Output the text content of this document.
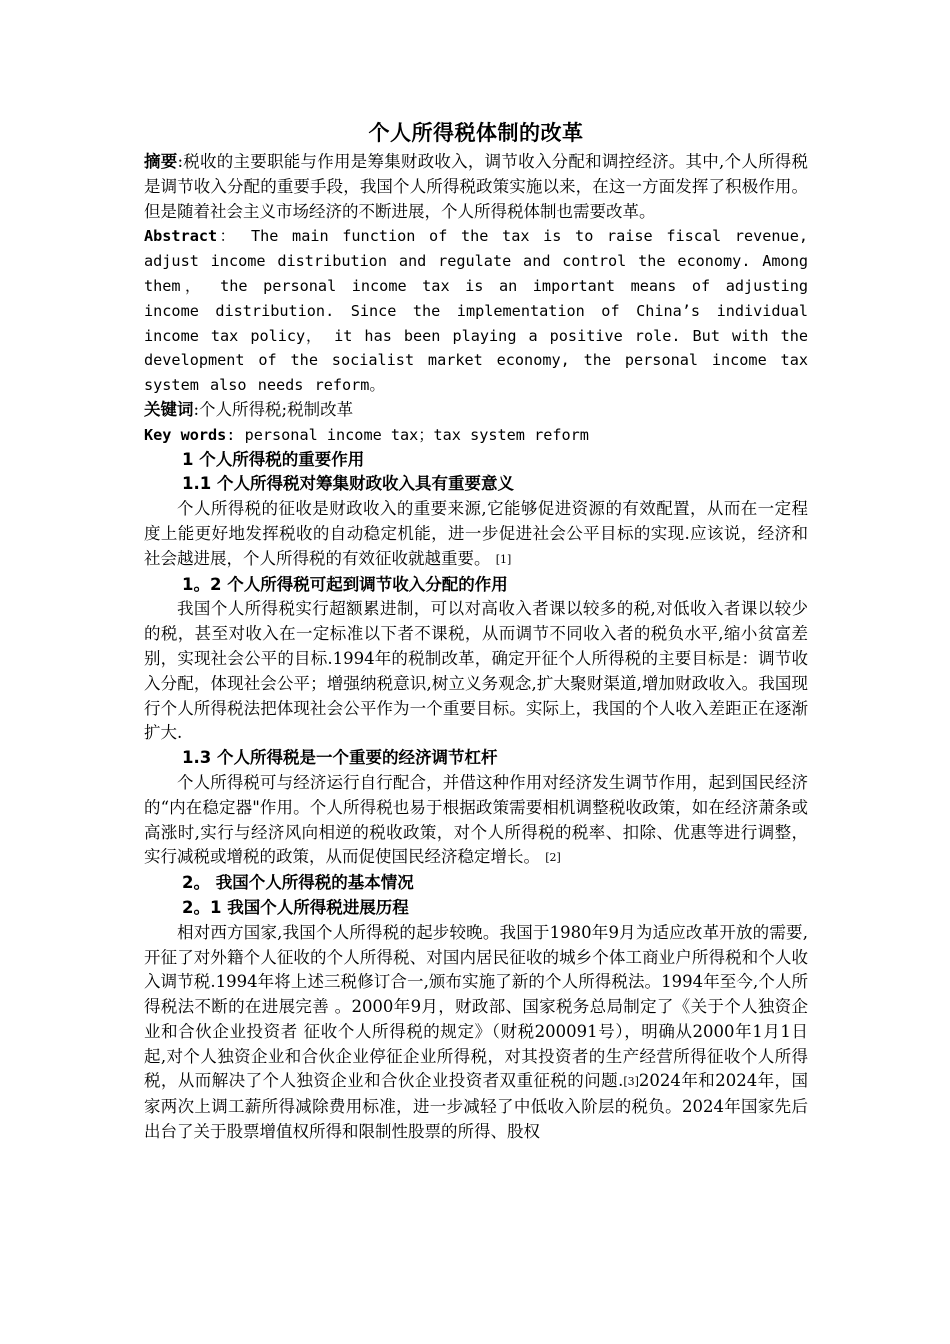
个人所得税体制的改革

摘要:税收的主要职能与作用是筹集财政收入，调节收入分配和调控经济。其中,个人所得税是调节收入分配的重要手段，我国个人所得税政策实施以来，在这一方面发挥了积极作用。但是随着社会主义市场经济的不断进展，个人所得税体制也需要改革。

Abstract： The main function of the tax is to raise fiscal revenue, adjust income distribution and regulate and control the economy. Among them， the personal income tax is an important means of adjusting income distribution. Since the implementation of China’s individual income tax policy， it has been playing a positive role. But with the development of the socialist market economy, the personal income tax system also needs reform。

关键词:个人所得税;税制改革

Key words: personal income tax；tax system reform

1 个人所得税的重要作用

1.1 个人所得税对筹集财政收入具有重要意义

个人所得税的征收是财政收入的重要来源,它能够促进资源的有效配置，从而在一定程度上能更好地发挥税收的自动稳定机能，进一步促进社会公平目标的实现.应该说，经济和社会越进展，个人所得税的有效征收就越重要。 [1]

1。2 个人所得税可起到调节收入分配的作用

我国个人所得税实行超额累进制，可以对高收入者课以较多的税,对低收入者课以较少的税，甚至对收入在一定标准以下者不课税，从而调节不同收入者的税负水平,缩小贫富差别，实现社会公平的目标.1994年的税制改革，确定开征个人所得税的主要目标是：调节收入分配，体现社会公平；增强纳税意识,树立义务观念,扩大聚财渠道,增加财政收入。我国现行个人所得税法把体现社会公平作为一个重要目标。实际上，我国的个人收入差距正在逐渐扩大.

1.3 个人所得税是一个重要的经济调节杠杆

个人所得税可与经济运行自行配合，并借这种作用对经济发生调节作用，起到国民经济的“内在稳定器"作用。个人所得税也易于根据政策需要相机调整税收政策，如在经济萧条或高涨时,实行与经济风向相逆的税收政策，对个人所得税的税率、扣除、优惠等进行调整，实行减税或增税的政策，从而促使国民经济稳定增长。 [2]

2。 我国个人所得税的基本情况

2。1 我国个人所得税进展历程

相对西方国家,我国个人所得税的起步较晚。我国于1980年9月为适应改革开放的需要,开征了对外籍个人征收的个人所得税、对国内居民征收的城乡个体工商业户所得税和个人收入调节税.1994年将上述三税修订合一,颁布实施了新的个人所得税法。1994年至今,个人所得税法不断的在进展完善 。2000年9月，财政部、国家税务总局制定了《关于个人独资企业和合伙企业投资者 征收个人所得税的规定》（财税200091号），明确从2000年1月1日起,对个人独资企业和合伙企业停征企业所得税，对其投资者的生产经营所得征收个人所得税，从而解决了个人独资企业和合伙企业投资者双重征税的问题.[3]2024年和2024年，国家两次上调工薪所得减除费用标准，进一步减轻了中低收入阶层的税负。2024年国家先后出台了关于股票增值权所得和限制性股票的所得、股权
